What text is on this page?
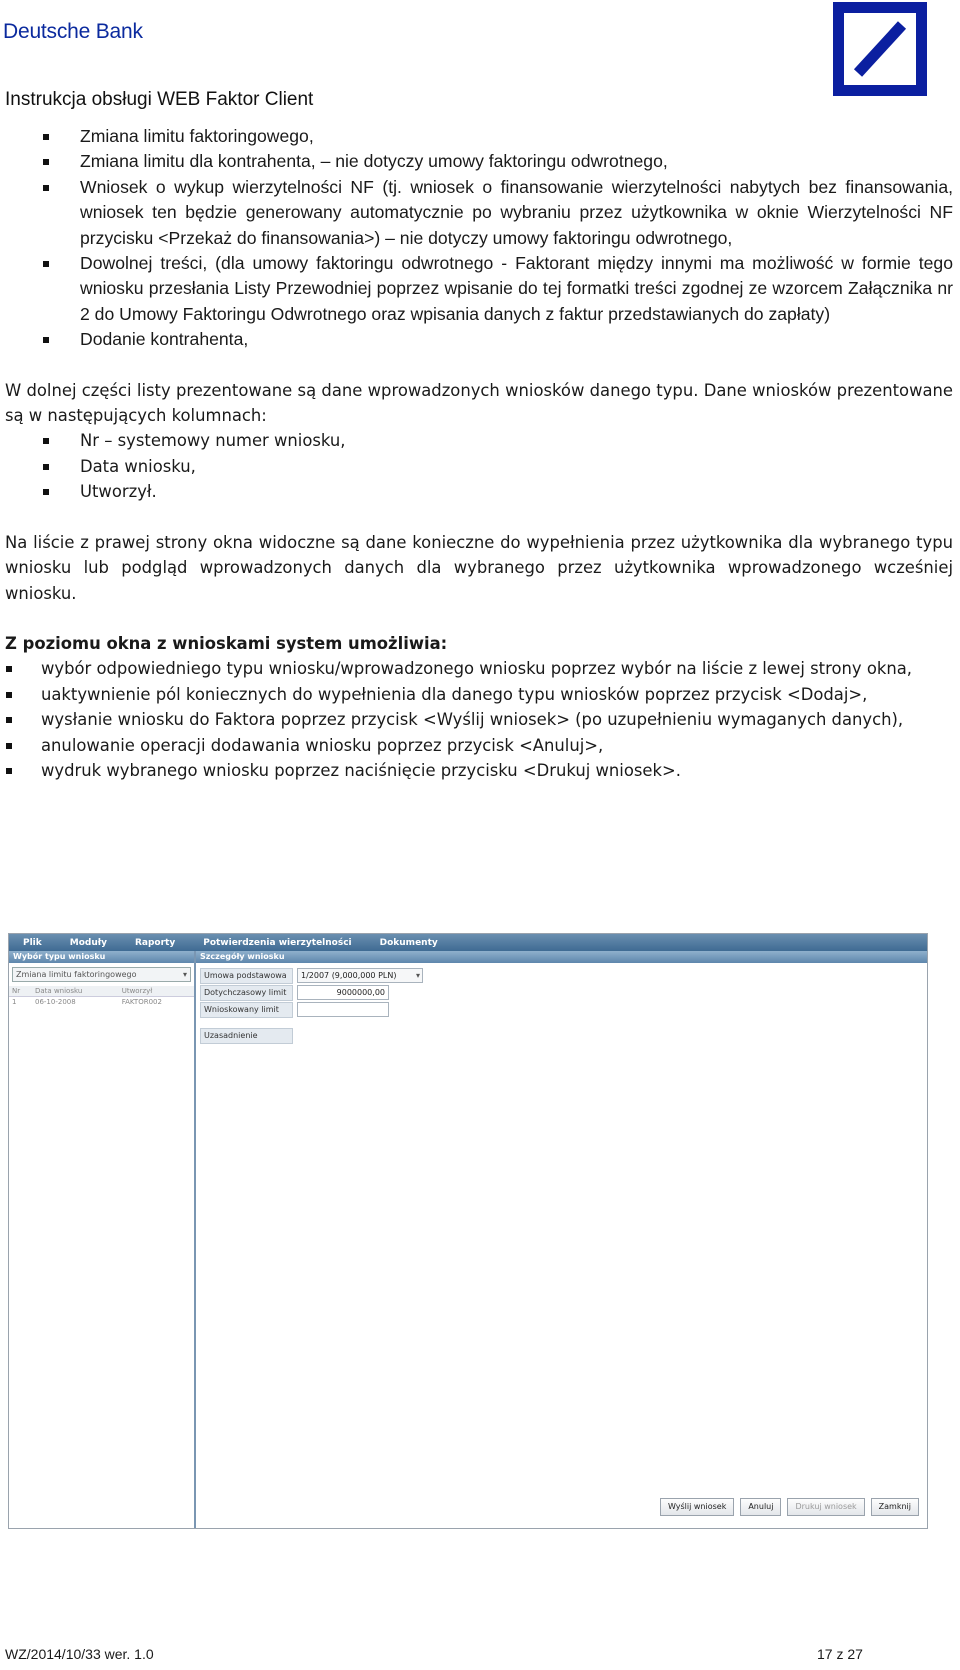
Deutsche Bank
Instrukcja obsługi WEB Faktor Client
Zmiana limitu faktoringowego,
Zmiana limitu dla kontrahenta, – nie dotyczy umowy faktoringu odwrotnego,
Wniosek o wykup wierzytelności NF (tj. wniosek o finansowanie wierzytelności nabytych bez finansowania, wniosek ten będzie generowany automatycznie po wybraniu przez użytkownika w oknie Wierzytelności NF przycisku <Przekaż do finansowania>) – nie dotyczy umowy faktoringu odwrotnego,
Dowolnej treści, (dla umowy faktoringu odwrotnego - Faktorant między innymi ma możliwość w formie tego wniosku przesłania Listy Przewodniej poprzez wpisanie do tej formatki treści zgodnej ze wzorcem Załącznika nr 2 do Umowy Faktoringu Odwrotnego oraz wpisania danych z faktur przedstawianych do zapłaty)
Dodanie kontrahenta,

W dolnej części listy prezentowane są dane wprowadzonych wniosków danego typu. Dane wniosków prezentowane są w następujących kolumnach:

Nr – systemowy numer wniosku,
Data wniosku,
Utworzył.

Na liście z prawej strony okna widoczne są dane konieczne do wypełnienia przez użytkownika dla wybranego typu wniosku lub podgląd wprowadzonych danych dla wybranego przez użytkownika wprowadzonego wcześniej wniosku.

Z poziomu okna z wnioskami system umożliwia:

wybór odpowiedniego typu wniosku/wprowadzonego wniosku poprzez wybór na liście z lewej strony okna,
uaktywnienie pól koniecznych do wypełnienia dla danego typu wniosków poprzez przycisk <Dodaj>,
wysłanie wniosku do Faktora poprzez przycisk <Wyślij wniosek> (po uzupełnieniu wymaganych danych),
anulowanie operacji dodawania wniosku poprzez przycisk <Anuluj>,
wydruk wybranego wniosku poprzez naciśnięcie przycisku <Drukuj wniosek>.
Plik	Moduły	Raporty	Potwierdzenia wierzytelności	Dokumenty
Wybór typu wniosku
Zmiana limitu faktoringowego ▾
Nr	Data wniosku	Utworzył
1	06-10-2008	FAKTOR002
Szczegóły wniosku
Umowa podstawowa	1/2007 (9,000,000 PLN) ▾
Dotychczasowy limit	9000000,00
Wnioskowany limit
Uzasadnienie
Wyślij wniosek	Anuluj	Drukuj wniosek	Zamknij
WZ/2014/10/33 wer. 1.0	17 z 27
